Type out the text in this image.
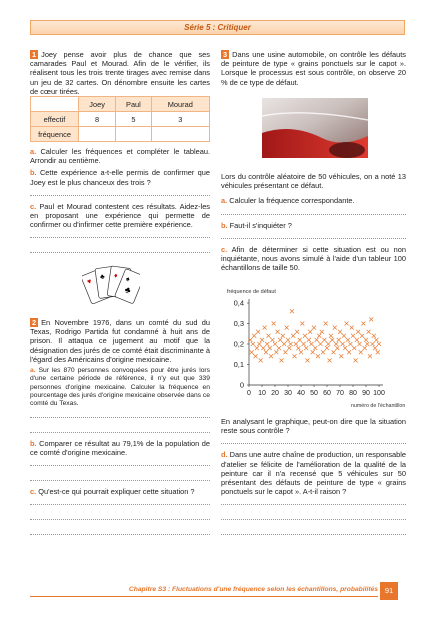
Série 5 : Critiquer

1 Joey pense avoir plus de chance que ses camarades Paul et Mourad. Afin de le vérifier, ils réalisent tous les trois trente tirages avec remise dans un jeu de 32 cartes. On dénombre ensuite les cartes de cœur tirées.

	Joey	Paul	Mourad
effectif	8	5	3
fréquence			

a. Calculer les fréquences et compléter le tableau. Arrondir au centième.

b. Cette expérience a-t-elle permis de confirmer que Joey est le plus chanceux des trois ?

c. Paul et Mourad contestent ces résultats. Aidez-les en proposant une expérience qui permette de confirmer ou d'infirmer cette première expérience.

♥
♣ ♦ ♠
♣

2 En Novembre 1976, dans un comté du sud du Texas, Rodrigo Partida fut condamné à huit ans de prison. Il attaqua ce jugement au motif que la désignation des jurés de ce comté était discriminante à l'égard des Américains d'origine mexicaine.

a. Sur les 870 personnes convoquées pour être jurés lors d'une certaine période de référence, il n'y eut que 339 personnes d'origine mexicaine. Calculer la fréquence en pourcentage des jurés d'origine mexicaine observée dans ce comté du Texas.

b. Comparer ce résultat au 79,1% de la population de ce comté d'origine mexicaine.

c. Qu'est-ce qui pourrait expliquer cette situation ?

3 Dans une usine automobile, on contrôle les défauts de peinture de type « grains ponctuels sur le capot ». Lorsque le processus est sous contrôle, on observe 20 % de ce type de défaut.

Lors du contrôle aléatoire de 50 véhicules, on a noté 13 véhicules présentant ce défaut.

a. Calculer la fréquence correspondante.

b. Faut-il s'inquiéter ?

c. Afin de déterminer si cette situation est ou non inquiétante, nous avons simulé à l'aide d'un tableur 100 échantillons de taille 50.

fréquence de défaut
numéro de l'échantillon
0
0,1
0,2
0,3
0,4
0 10 20 30 40 50 60 70 80 90 100

En analysant le graphique, peut-on dire que la situation reste sous contrôle ?

d. Dans une autre chaîne de production, un responsable d'atelier se félicite de l'amélioration de la qualité de la peinture car il n'a recensé que 5 véhicules sur 50 présentant des défauts de peinture de type « grains ponctuels sur le capot ». A-t-il raison ?

Chapitre S3 : Fluctuations d'une fréquence selon les échantillons, probabilités 91
